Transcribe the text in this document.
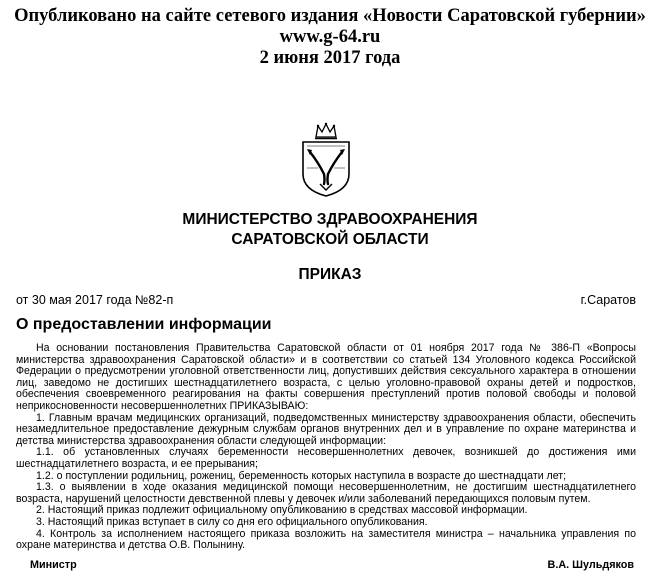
Опубликовано на сайте сетевого издания «Новости Саратовской губернии»
www.g-64.ru
2 июня 2017 года
МИНИСТЕРСТВО ЗДРАВООХРАНЕНИЯ
САРАТОВСКОЙ ОБЛАСТИ
ПРИКАЗ
от 30 мая 2017 года №82-п	г.Саратов
О предоставлении информации

На основании постановления Правительства Саратовской области от 01 ноября 2017 года № 386-П «Вопросы министерства здравоохранения Саратовской области» и в соответствии со статьей 134 Уголовного кодекса Российской Федерации о предусмотрении уголовной ответственности лиц, допустивших действия сексуального характера в отношении лиц, заведомо не достигших шестнадцатилетнего возраста, с целью уголовно-правовой охраны детей и подростков, обеспечения своевременного реагирования на факты совершения преступлений против половой свободы и половой неприкосновенности несовершеннолетних ПРИКАЗЫВАЮ:

1. Главным врачам медицинских организаций, подведомственных министерству здравоохранения области, обеспечить незамедлительное предоставление дежурным службам органов внутренних дел и в управление по охране материнства и детства министерства здравоохранения области следующей информации:

1.1. об установленных случаях беременности несовершеннолетних девочек, возникшей до достижения ими шестнадцатилетнего возраста, и ее прерывания;

1.2. о поступлении родильниц, рожениц, беременность которых наступила в возрасте до шестнадцати лет;

1.3. о выявлении в ходе оказания медицинской помощи несовершеннолетним, не достигшим шестнадцатилетнего возраста, нарушений целостности девственной плевы у девочек и/или заболеваний передающихся половым путем.

2. Настоящий приказ подлежит официальному опубликованию в средствах массовой информации.

3. Настоящий приказ вступает в силу со дня его официального опубликования.

4. Контроль за исполнением настоящего приказа возложить на заместителя министра – начальника управления по охране материнства и детства О.В. Полынину.

Министр	В.А. Шульдяков
